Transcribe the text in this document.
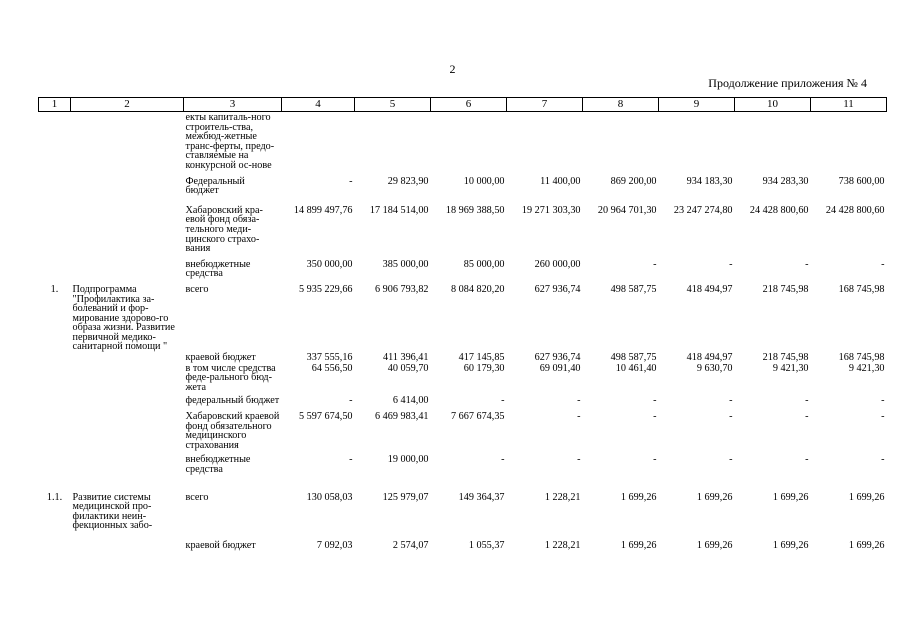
2
Продолжение приложения № 4
1	2	3	4	5	6	7	8	9	10	11
		екты капиталь-ного строитель-ства, межбюд-жетные транс-ферты, предо-ставляемые на конкурсной ос-нове								
		Федеральный бюджет	-	29 823,90	10 000,00	11 400,00	869 200,00	934 183,30	934 283,30	738 600,00
		Хабаровский кра-евой фонд обяза-тельного меди-цинского страхо-вания	14 899 497,76	17 184 514,00	18 969 388,50	19 271 303,30	20 964 701,30	23 247 274,80	24 428 800,60	24 428 800,60
		внебюджетные средства	350 000,00	385 000,00	85 000,00	260 000,00	-	-	-	-
1.	Подпрограмма "Профилактика за-болеваний и фор-мирование здорово-го образа жизни. Развитие первичной медико-санитарной помощи "	всего	5 935 229,66	6 906 793,82	8 084 820,20	627 936,74	498 587,75	418 494,97	218 745,98	168 745,98
		краевой бюджет	337 555,16	411 396,41	417 145,85	627 936,74	498 587,75	418 494,97	218 745,98	168 745,98
		в том числе средства феде-рального бюд-жета	64 556,50	40 059,70	60 179,30	69 091,40	10 461,40	9 630,70	9 421,30	9 421,30
		федеральный бюджет	-	6 414,00	-	-	-	-	-	-
		Хабаровский краевой фонд обязательного медицинского страхования	5 597 674,50	6 469 983,41	7 667 674,35	-	-	-	-	-
		внебюджетные средства	-	19 000,00	-	-	-	-	-	-
1.1.	Развитие системы медицинской про-филактики неин-фекционных забо-	всего	130 058,03	125 979,07	149 364,37	1 228,21	1 699,26	1 699,26	1 699,26	1 699,26
		краевой бюджет	7 092,03	2 574,07	1 055,37	1 228,21	1 699,26	1 699,26	1 699,26	1 699,26
